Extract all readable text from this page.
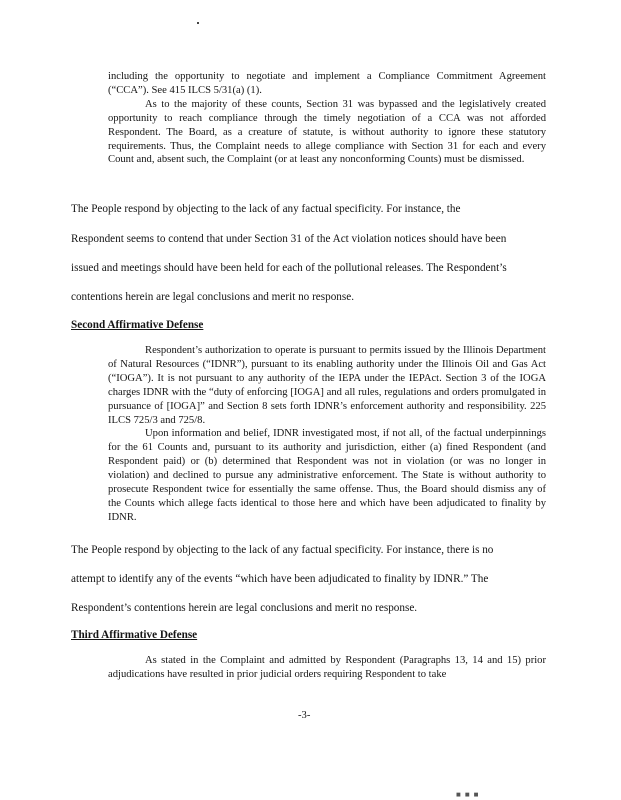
including the opportunity to negotiate and implement a Compliance Commitment Agreement (“CCA”). See 415 ILCS 5/31(a) (1).

As to the majority of these counts, Section 31 was bypassed and the legislatively created opportunity to reach compliance through the timely negotiation of a CCA was not afforded Respondent. The Board, as a creature of statute, is without authority to ignore these statutory requirements. Thus, the Complaint needs to allege compliance with Section 31 for each and every Count and, absent such, the Complaint (or at least any nonconforming Counts) must be dismissed.

The People respond by objecting to the lack of any factual specificity. For instance, the
Respondent seems to contend that under Section 31 of the Act violation notices should have been
issued and meetings should have been held for each of the pollutional releases. The Respondent’s
contentions herein are legal conclusions and merit no response.
Second Affirmative Defense

Respondent’s authorization to operate is pursuant to permits issued by the Illinois Department of Natural Resources (“IDNR”), pursuant to its enabling authority under the Illinois Oil and Gas Act (“IOGA”). It is not pursuant to any authority of the IEPA under the IEPAct. Section 3 of the IOGA charges IDNR with the “duty of enforcing [IOGA] and all rules, regulations and orders promulgated in pursuance of [IOGA]” and Section 8 sets forth IDNR’s enforcement authority and responsibility. 225 ILCS 725/3 and 725/8.

Upon information and belief, IDNR investigated most, if not all, of the factual underpinnings for the 61 Counts and, pursuant to its authority and jurisdiction, either (a) fined Respondent (and Respondent paid) or (b) determined that Respondent was not in violation (or was no longer in violation) and declined to pursue any administrative enforcement. The State is without authority to prosecute Respondent twice for essentially the same offense. Thus, the Board should dismiss any of the Counts which allege facts identical to those here and which have been adjudicated to finality by IDNR.

The People respond by objecting to the lack of any factual specificity. For instance, there is no
attempt to identify any of the events “which have been adjudicated to finality by IDNR.” The
Respondent’s contentions herein are legal conclusions and merit no response.
Third Affirmative Defense

As stated in the Complaint and admitted by Respondent (Paragraphs 13, 14 and 15) prior adjudications have resulted in prior judicial orders requiring Respondent to take

-3-
■ ■ ■
